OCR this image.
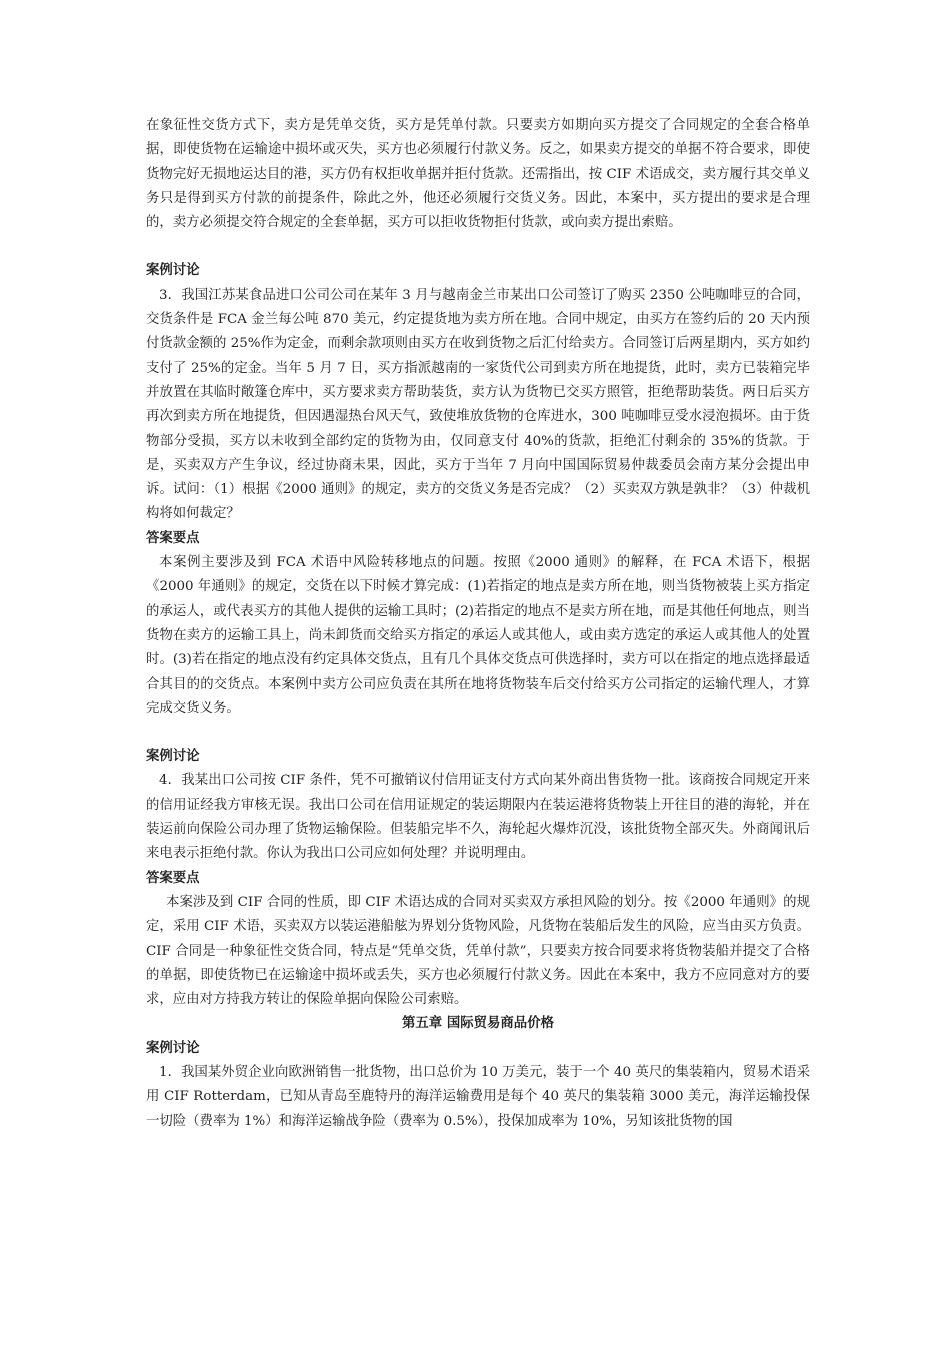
在象征性交货方式下，卖方是凭单交货，买方是凭单付款。只要卖方如期向买方提交了合同规定的全套合格单据，即使货物在运输途中损坏或灭失，买方也必须履行付款义务。反之，如果卖方提交的单据不符合要求，即使货物完好无损地运达目的港，买方仍有权拒收单据并拒付货款。还需指出，按 CIF 术语成交，卖方履行其交单义务只是得到买方付款的前提条件，除此之外，他还必须履行交货义务。因此，本案中，买方提出的要求是合理的，卖方必须提交符合规定的全套单据，买方可以拒收货物拒付货款，或向卖方提出索赔。

案例讨论

3．我国江苏某食品进口公司公司在某年 3 月与越南金兰市某出口公司签订了购买 2350 公吨咖啡豆的合同，交货条件是 FCA 金兰每公吨 870 美元，约定提货地为卖方所在地。合同中规定，由买方在签约后的 20 天内预付货款金额的 25%作为定金，而剩余款项则由买方在收到货物之后汇付给卖方。合同签订后两星期内，买方如约支付了 25%的定金。当年 5 月 7 日，买方指派越南的一家货代公司到卖方所在地提货，此时，卖方已装箱完毕并放置在其临时敞篷仓库中，买方要求卖方帮助装货，卖方认为货物已交买方照管，拒绝帮助装货。两日后买方再次到卖方所在地提货，但因遇湿热台风天气，致使堆放货物的仓库进水，300 吨咖啡豆受水浸泡损坏。由于货物部分受损，买方以未收到全部约定的货物为由，仅同意支付 40%的货款，拒绝汇付剩余的 35%的货款。于是，买卖双方产生争议，经过协商未果，因此，买方于当年 7 月向中国国际贸易仲裁委员会南方某分会提出申诉。试问：（1）根据《2000 通则》的规定，卖方的交货义务是否完成？（2）买卖双方孰是孰非？（3）仲裁机构将如何裁定？

答案要点

本案例主要涉及到 FCA 术语中风险转移地点的问题。按照《2000 通则》的解释，在 FCA 术语下，根据《2000 年通则》的规定，交货在以下时候才算完成：(1)若指定的地点是卖方所在地，则当货物被装上买方指定的承运人，或代表买方的其他人提供的运输工具时；(2)若指定的地点不是卖方所在地，而是其他任何地点，则当货物在卖方的运输工具上，尚未卸货而交给买方指定的承运人或其他人，或由卖方选定的承运人或其他人的处置时。(3)若在指定的地点没有约定具体交货点，且有几个具体交货点可供选择时，卖方可以在指定的地点选择最适合其目的的交货点。本案例中卖方公司应负责在其所在地将货物装车后交付给买方公司指定的运输代理人，才算完成交货义务。

案例讨论

4．我某出口公司按 CIF 条件，凭不可撤销议付信用证支付方式向某外商出售货物一批。该商按合同规定开来的信用证经我方审核无误。我出口公司在信用证规定的装运期限内在装运港将货物装上开往目的港的海轮，并在装运前向保险公司办理了货物运输保险。但装船完毕不久，海轮起火爆炸沉没，该批货物全部灭失。外商闻讯后来电表示拒绝付款。你认为我出口公司应如何处理？并说明理由。

答案要点

本案涉及到 CIF 合同的性质，即 CIF 术语达成的合同对买卖双方承担风险的划分。按《2000 年通则》的规定，采用 CIF 术语，买卖双方以装运港船舷为界划分货物风险，凡货物在装船后发生的风险，应当由买方负责。CIF 合同是一种象征性交货合同，特点是“凭单交货，凭单付款”，只要卖方按合同要求将货物装船并提交了合格的单据，即使货物已在运输途中损坏或丢失，买方也必须履行付款义务。因此在本案中，我方不应同意对方的要求，应由对方持我方转让的保险单据向保险公司索赔。

第五章 国际贸易商品价格

案例讨论

1．我国某外贸企业向欧洲销售一批货物，出口总价为 10 万美元，装于一个 40 英尺的集装箱内，贸易术语采用 CIF Rotterdam，已知从青岛至鹿特丹的海洋运输费用是每个 40 英尺的集装箱 3000 美元，海洋运输投保一切险（费率为 1%）和海洋运输战争险（费率为 0.5%），投保加成率为 10%，另知该批货物的国
